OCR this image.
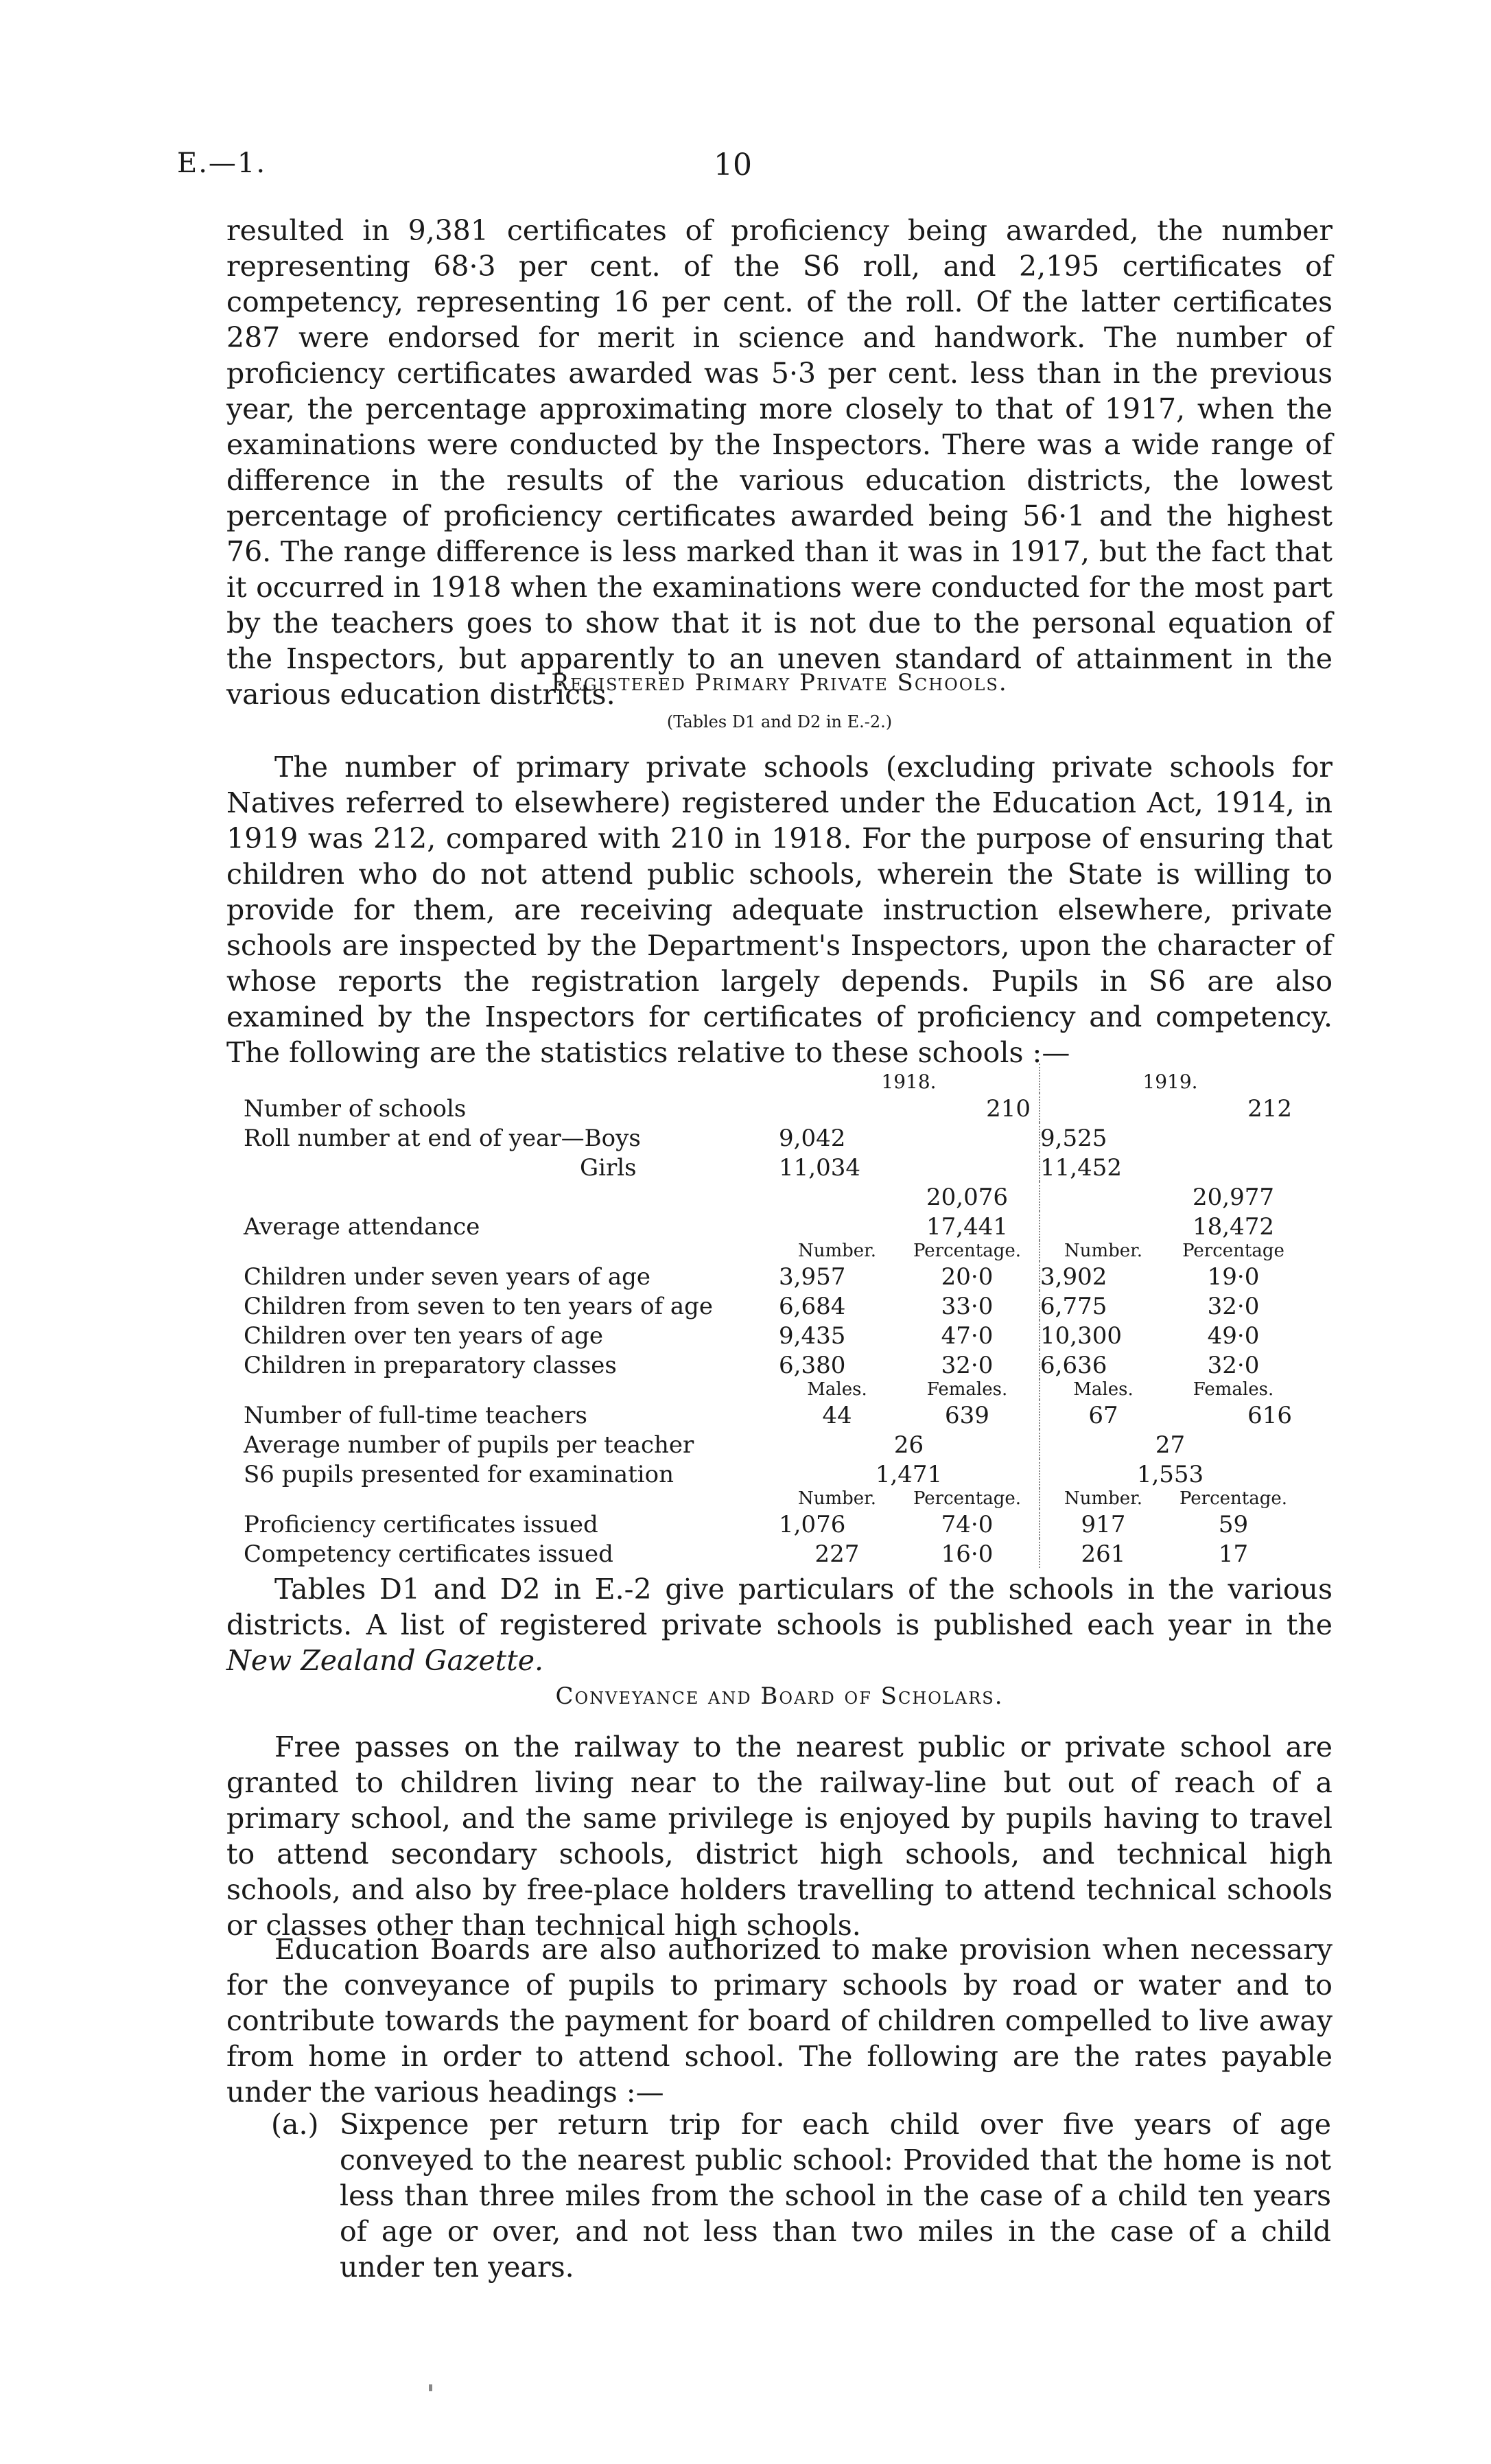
E.—1.	10

resulted in 9,381 certificates of proficiency being awarded, the number representing 68·3 per cent. of the S6 roll, and 2,195 certificates of competency, representing 16 per cent. of the roll. Of the latter certificates 287 were endorsed for merit in science and handwork. The number of proficiency certificates awarded was 5·3 per cent. less than in the previous year, the percentage approximating more closely to that of 1917, when the examinations were conducted by the Inspectors. There was a wide range of difference in the results of the various education districts, the lowest percentage of proficiency certificates awarded being 56·1 and the highest 76. The range difference is less marked than it was in 1917, but the fact that it occurred in 1918 when the examinations were conducted for the most part by the teachers goes to show that it is not due to the personal equation of the Inspectors, but apparently to an uneven standard of attainment in the various education districts.

Registered Primary Private Schools.
(Tables D1 and D2 in E.-2.)

The number of primary private schools (excluding private schools for Natives referred to elsewhere) registered under the Education Act, 1914, in 1919 was 212, compared with 210 in 1918. For the purpose of ensuring that children who do not attend public schools, wherein the State is willing to provide for them, are receiving adequate instruction elsewhere, private schools are inspected by the Department's Inspectors, upon the character of whose reports the registration largely depends. Pupils in S6 are also examined by the Inspectors for certificates of proficiency and competency. The following are the statistics relative to these schools :—

	1918.		1919.	
Number of schools		210		212
Roll number at end of year—Boys	9,042		9,525	
Girls	11,034		11,452	
		20,076		20,977
Average attendance		17,441		18,472
	Number.	Percentage.	Number.	Percentage
Children under seven years of age	3,957	20·0	3,902	19·0
Children from seven to ten years of age	6,684	33·0	6,775	32·0
Children over ten years of age	9,435	47·0	10,300	49·0
Children in preparatory classes	6,380	32·0	6,636	32·0
	Males.	Females.	Males.	Females.
Number of full-time teachers	44	639	67	616
Average number of pupils per teacher	26		27	
S6 pupils presented for examination	1,471		1,553	
	Number.	Percentage.	Number.	Percentage.
Proficiency certificates issued	1,076	74·0	917	59
Competency certificates issued	227	16·0	261	17

Tables D1 and D2 in E.-2 give particulars of the schools in the various districts. A list of registered private schools is published each year in the New Zealand Gazette.

Conveyance and Board of Scholars.

Free passes on the railway to the nearest public or private school are granted to children living near to the railway-line but out of reach of a primary school, and the same privilege is enjoyed by pupils having to travel to attend secondary schools, district high schools, and technical high schools, and also by free-place holders travelling to attend technical schools or classes other than technical high schools.

Education Boards are also authorized to make provision when necessary for the conveyance of pupils to primary schools by road or water and to contribute towards the payment for board of children compelled to live away from home in order to attend school. The following are the rates payable under the various headings :—

(a.) Sixpence per return trip for each child over five years of age conveyed to the nearest public school: Provided that the home is not less than three miles from the school in the case of a child ten years of age or over, and not less than two miles in the case of a child under ten years.
